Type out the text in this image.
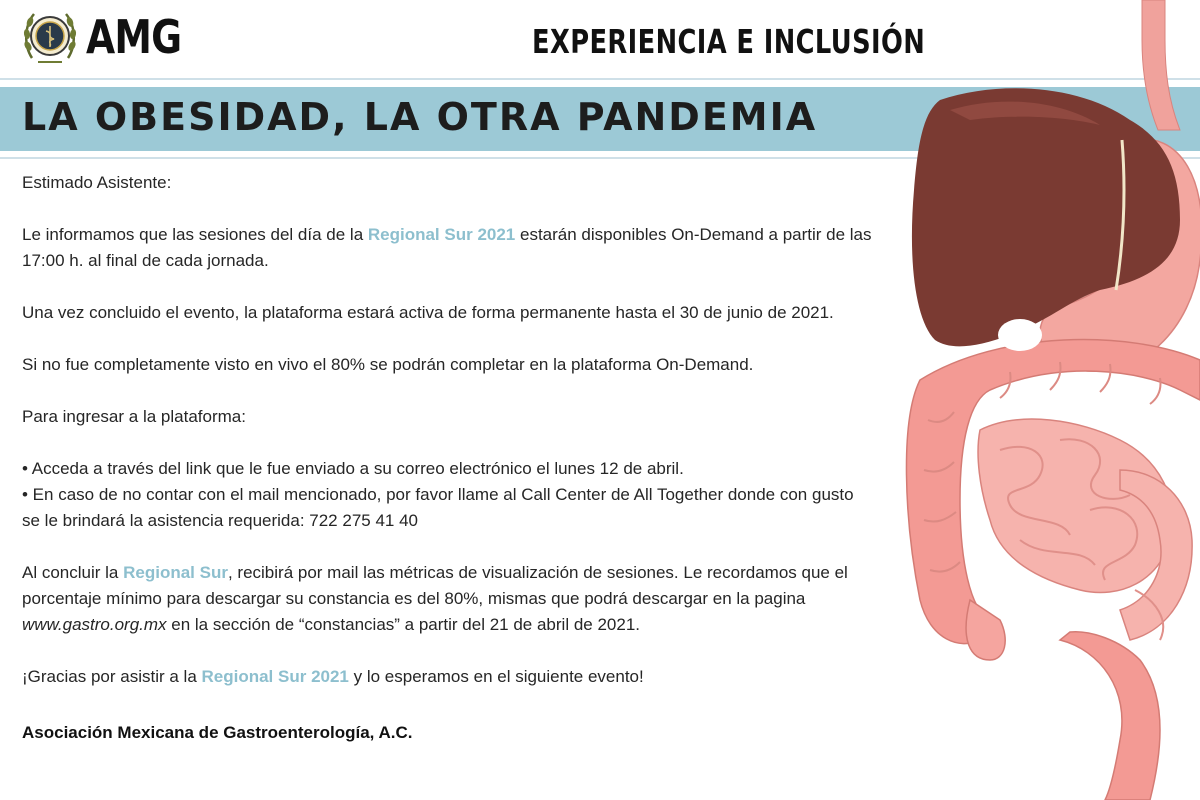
AMG	EXPERIENCIA E INCLUSIÓN
LA OBESIDAD, LA OTRA PANDEMIA

Estimado Asistente:

Le informamos que las sesiones del día de la Regional Sur 2021 estarán disponibles On-Demand a partir de las 17:00 h. al final de cada jornada.

Una vez concluido el evento, la plataforma estará activa de forma permanente hasta el 30 de junio de 2021.

Si no fue completamente visto en vivo el 80% se podrán completar en la plataforma On-Demand.

Para ingresar a la plataforma:

• Acceda a través del link que le fue enviado a su correo electrónico el lunes 12 de abril.
• En caso de no contar con el mail mencionado, por favor llame al Call Center de All Together donde con gusto se le brindará la asistencia requerida: 722 275 41 40

Al concluir la Regional Sur, recibirá por mail las métricas de visualización de sesiones. Le recordamos que el porcentaje mínimo para descargar su constancia es del 80%, mismas que podrá descargar en la pagina www.gastro.org.mx en la sección de “constancias” a partir del 21 de abril de 2021.

¡Gracias por asistir a la Regional Sur 2021 y lo esperamos en el siguiente evento!

Asociación Mexicana de Gastroenterología, A.C.
